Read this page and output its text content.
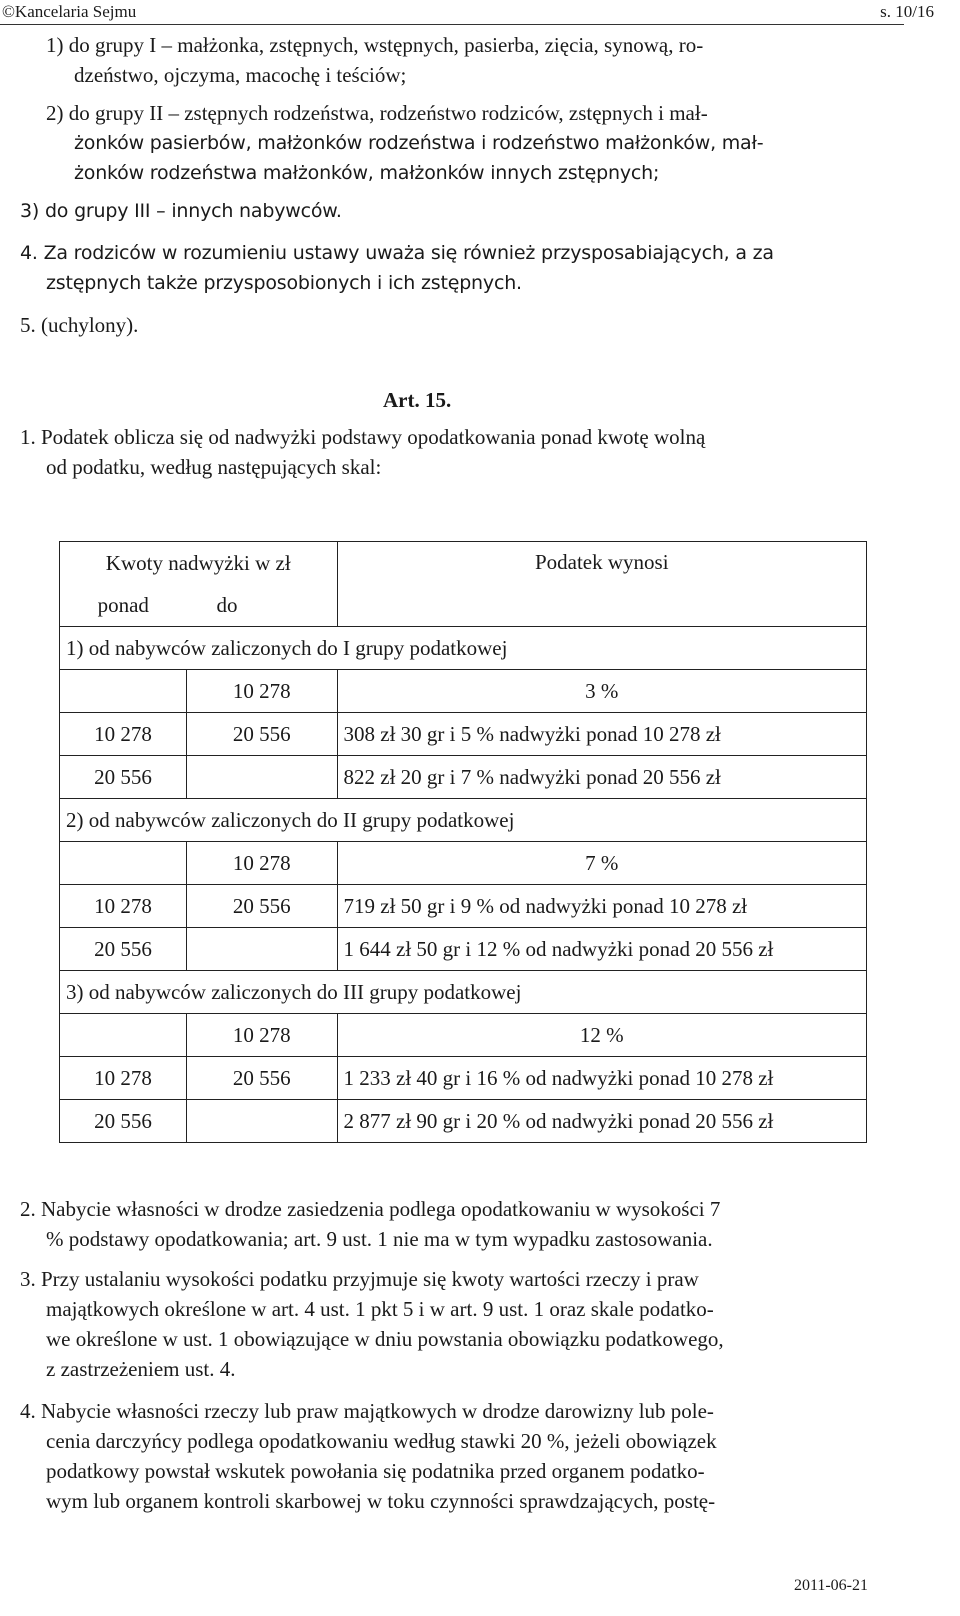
©Kancelaria Sejmu	s. 10/16
1) do grupy I – małżonka, zstępnych, wstępnych, pasierba, zięcia, synową, ro-
dzeństwo, ojczyma, macochę i teściów;
2) do grupy II – zstępnych rodzeństwa, rodzeństwo rodziców, zstępnych i mał-
żonków pasierbów, małżonków rodzeństwa i rodzeństwo małżonków, mał-
żonków rodzeństwa małżonków, małżonków innych zstępnych;
3) do grupy III – innych nabywców.
4. Za rodziców w rozumieniu ustawy uważa się również przysposabiających, a za
zstępnych także przysposobionych i ich zstępnych.
5. (uchylony).
Art. 15.
1. Podatek oblicza się od nadwyżki podstawy opodatkowania ponad kwotę wolną
od podatku, według następujących skal:
Kwoty nadwyżki w zł		Podatek wynosi
ponad	do	
1) od nabywców zaliczonych do I grupy podatkowej		
	10 278	3 %
10 278	20 556	308 zł 30 gr i 5 % nadwyżki ponad 10 278 zł
20 556		822 zł 20 gr i 7 % nadwyżki ponad 20 556 zł
2) od nabywców zaliczonych do II grupy podatkowej		
	10 278	7 %
10 278	20 556	719 zł 50 gr i 9 % od nadwyżki ponad 10 278 zł
20 556		1 644 zł 50 gr i 12 % od nadwyżki ponad 20 556 zł
3) od nabywców zaliczonych do III grupy podatkowej		
	10 278	12 %
10 278	20 556	1 233 zł 40 gr i 16 % od nadwyżki ponad 10 278 zł
20 556		2 877 zł 90 gr i 20 % od nadwyżki ponad 20 556 zł
2. Nabycie własności w drodze zasiedzenia podlega opodatkowaniu w wysokości 7
% podstawy opodatkowania; art. 9 ust. 1 nie ma w tym wypadku zastosowania.
3. Przy ustalaniu wysokości podatku przyjmuje się kwoty wartości rzeczy i praw
majątkowych określone w art. 4 ust. 1 pkt 5 i w art. 9 ust. 1 oraz skale podatko-
we określone w ust. 1 obowiązujące w dniu powstania obowiązku podatkowego,
z zastrzeżeniem ust. 4.
4. Nabycie własności rzeczy lub praw majątkowych w drodze darowizny lub pole-
cenia darczyńcy podlega opodatkowaniu według stawki 20 %, jeżeli obowiązek
podatkowy powstał wskutek powołania się podatnika przed organem podatko-
wym lub organem kontroli skarbowej w toku czynności sprawdzających, postę-
2011-06-21
